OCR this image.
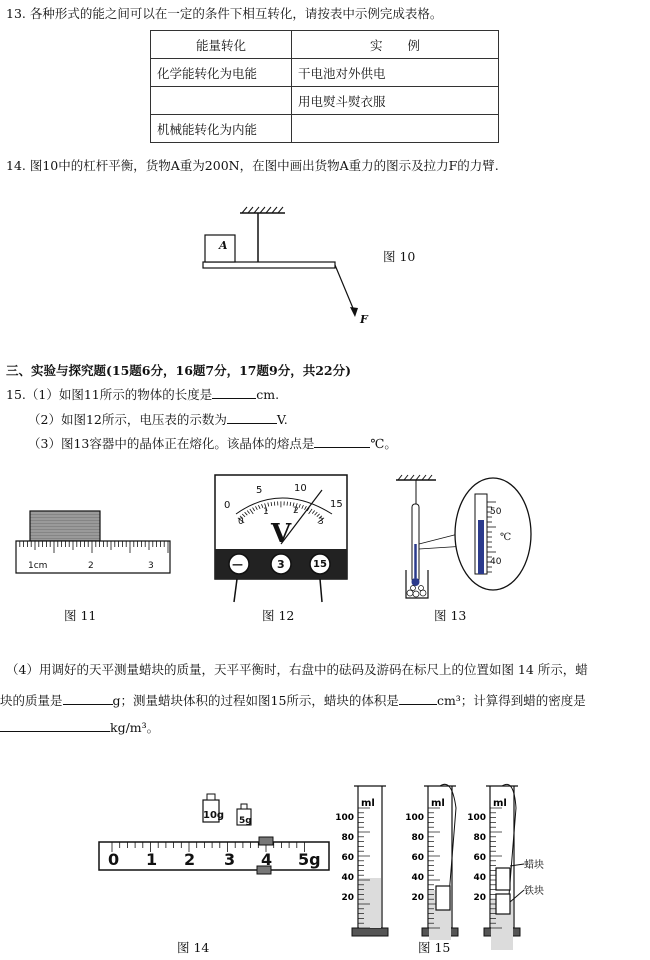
13. 各种形式的能之间可以在一定的条件下相互转化，请按表中示例完成表格。
能量转化	实　　例
化学能转化为电能	干电池对外供电
	用电熨斗熨衣服
机械能转化为内能	
14. 图10中的杠杆平衡，货物A重为200N，在图中画出货物A重力的图示及拉力F的力臂.
A
F
图 10
三、实验与探究题(15题6分，16题7分，17题9分，共22分)
15.（1）如图11所示的物体的长度是	cm.
（2）如图12所示，电压表的示数为	V.
（3）图13容器中的晶体正在熔化。该晶体的熔点是	℃。
1cm	2	3
图 11
0
5	10
15
0
1	2
3
V
—	3	15
图 12
50
40
℃
图 13
（4）用调好的天平测量蜡块的质量，天平平衡时，右盘中的砝码及游码在标尺上的位置如图 14 所示，蜡
块的质量是	g；测量蜡块体积的过程如图15所示，蜡块的体积是	cm³；计算得到蜡的密度是
kg/m³。
10g 5g
0 1 2 3 4 5g
图 14
100
80
60
40
20
ml
100
80
60
40
20
ml
100
80
60
40
20
ml
蜡块
铁块
图 15
